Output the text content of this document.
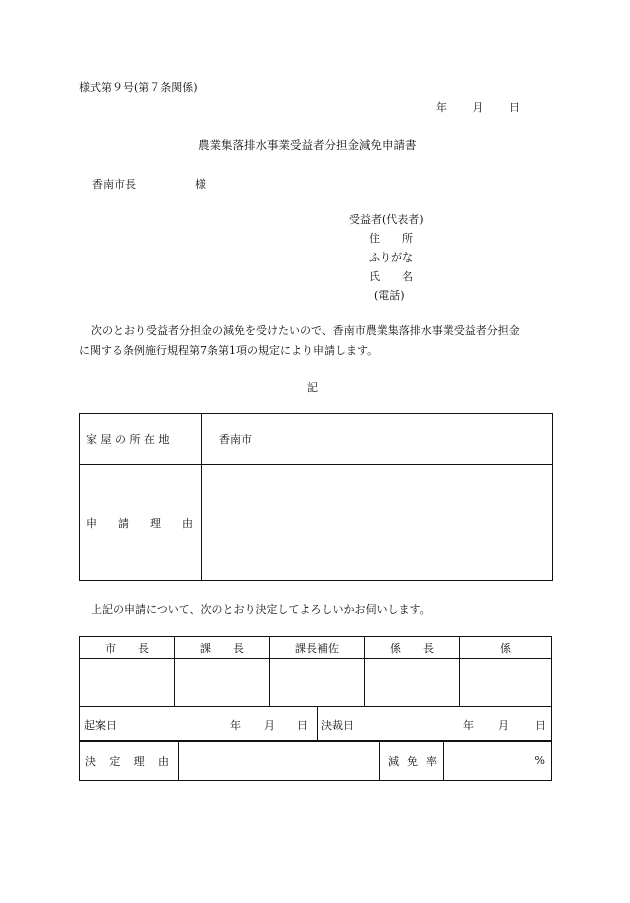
様式第９号(第７条関係)
年 月 日
農業集落排水事業受益者分担金減免申請書
香南市長	様
受益者(代表者)
住　　所
ふりがな
氏　　名
(電話)
次のとおり受益者分担金の減免を受けたいので、香南市農業集落排水事業受益者分担金
に関する条例施行規程第7条第1項の規定により申請します。
記
家 屋 の 所 在 地	香南市

申 請 理 由	

上記の申請について、次のとおり決定してよろしいかお伺いします。
市　　長	課　　長	課長補佐	係　　長	係

起案日	年 月 日	決裁日	年 月 日
決 定 理 由		減 免 率	%
